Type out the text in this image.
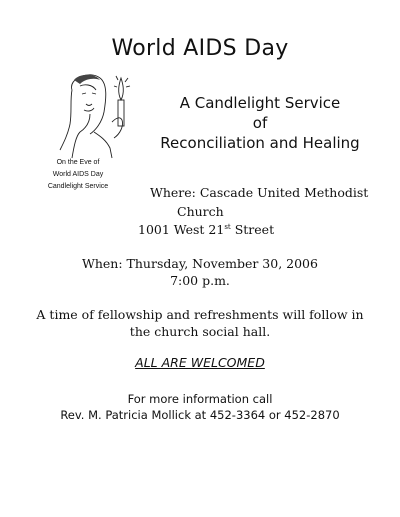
World AIDS Day
On the Eve of
World AIDS Day
Candlelight Service
A Candlelight Service
of
Reconciliation and Healing
Where: Cascade United Methodist
Church
1001 West 21st Street
When: Thursday, November 30, 2006
7:00 p.m.
A time of fellowship and refreshments will follow in
the church social hall.
ALL ARE WELCOMED
For more information call
Rev. M. Patricia Mollick at 452-3364 or 452-2870
